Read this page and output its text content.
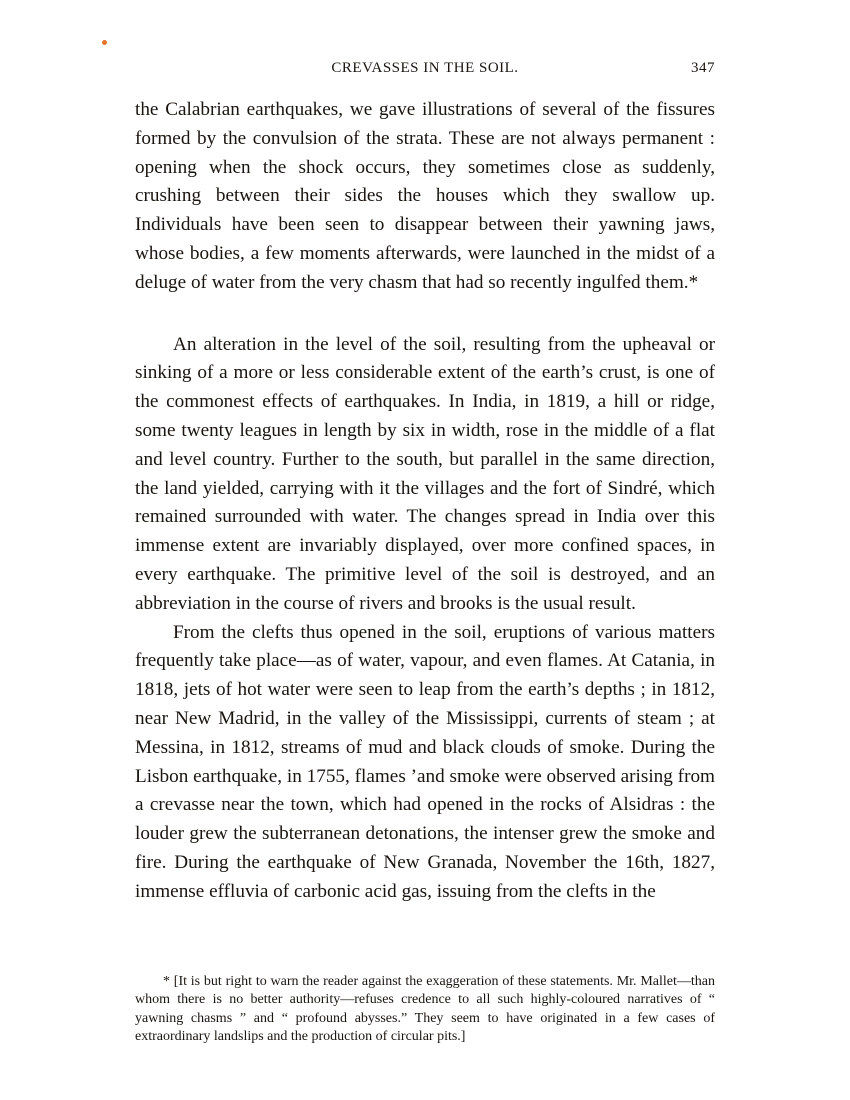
CREVASSES IN THE SOIL.	347

the Calabrian earthquakes, we gave illustrations of several of the fissures formed by the convulsion of the strata. These are not always permanent : opening when the shock occurs, they sometimes close as suddenly, crushing between their sides the houses which they swallow up. Individuals have been seen to disappear between their yawning jaws, whose bodies, a few moments afterwards, were launched in the midst of a deluge of water from the very chasm that had so recently ingulfed them.*

An alteration in the level of the soil, resulting from the upheaval or sinking of a more or less considerable extent of the earth’s crust, is one of the commonest effects of earthquakes. In India, in 1819, a hill or ridge, some twenty leagues in length by six in width, rose in the middle of a flat and level country. Further to the south, but parallel in the same direction, the land yielded, carrying with it the villages and the fort of Sindré, which remained surrounded with water. The changes spread in India over this immense extent are invariably displayed, over more confined spaces, in every earthquake. The primitive level of the soil is destroyed, and an abbreviation in the course of rivers and brooks is the usual result.

From the clefts thus opened in the soil, eruptions of various matters frequently take place—as of water, vapour, and even flames. At Catania, in 1818, jets of hot water were seen to leap from the earth’s depths ; in 1812, near New Madrid, in the valley of the Mississippi, currents of steam ; at Messina, in 1812, streams of mud and black clouds of smoke. During the Lisbon earthquake, in 1755, flames ’and smoke were observed arising from a crevasse near the town, which had opened in the rocks of Alsidras : the louder grew the subterranean detonations, the intenser grew the smoke and fire. During the earthquake of New Granada, November the 16th, 1827, immense effluvia of carbonic acid gas, issuing from the clefts in the

* [It is but right to warn the reader against the exaggeration of these statements. Mr. Mallet—than whom there is no better authority—refuses credence to all such highly-coloured narratives of “ yawning chasms ” and “ profound abysses.” They seem to have originated in a few cases of extraordinary landslips and the production of circular pits.]
